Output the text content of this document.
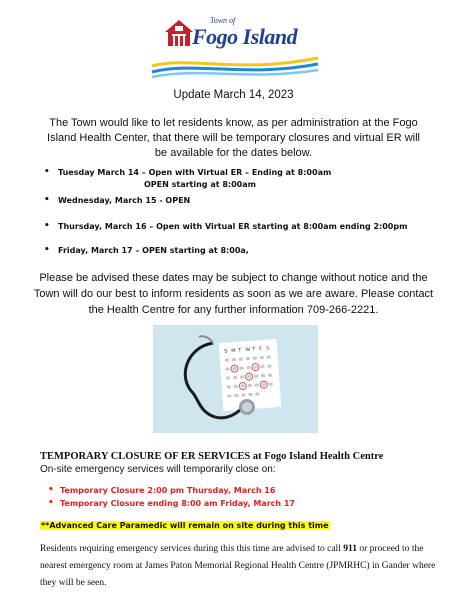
Town of
Fogo Island
Update March 14, 2023
The Town would like to let residents know, as per administration at the Fogo Island Health Center, that there will be temporary closures and virtual ER will be available for the dates below.
• Tuesday March 14 – Open with Virtual ER – Ending at 8:00am
OPEN starting at 8:00am
• Wednesday, March 15 - OPEN
• Thursday, March 16 – Open with Virtual ER starting at 8:00am ending 2:00pm
• Friday, March 17 – OPEN starting at 8:00a,
Please be advised these dates may be subject to change without notice and the Town will do our best to inform residents as soon as we are aware. Please contact the Health Centre for any further information 709-266-2221.
S M T W T F S
TEMPORARY CLOSURE OF ER SERVICES at Fogo Island Health Centre
On-site emergency services will temporarily close on:
• Temporary Closure 2:00 pm Thursday, March 16
• Temporary Closure ending 8:00 am Friday, March 17
**Advanced Care Paramedic will remain on site during this time
Residents requiring emergency services during this this time are advised to call 911 or proceed to the nearest emergency room at James Paton Memorial Regional Health Centre (JPMRHC) in Gander where they will be seen.
